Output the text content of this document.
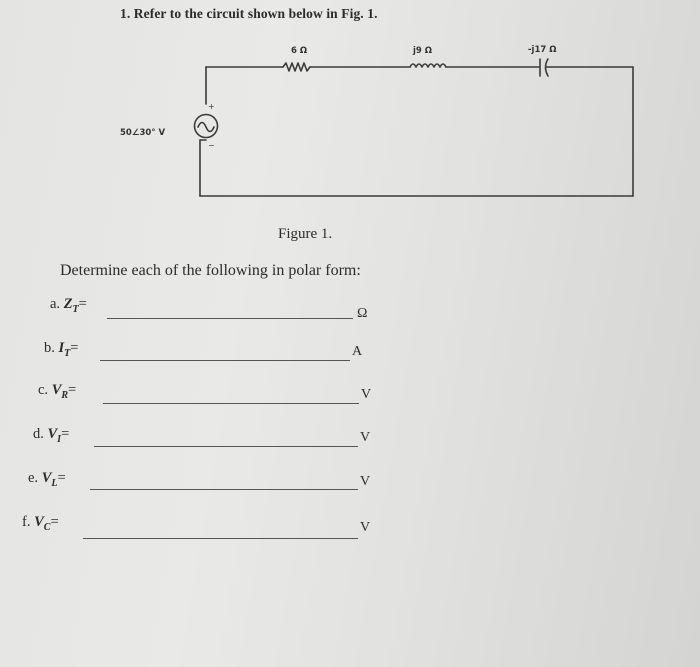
1. Refer to the circuit shown below in Fig. 1.
+
−
6 Ω	j9 Ω	-j17 Ω
50∠30° V
Figure 1.
Determine each of the following in polar form:
a. $Z_T=$
Ω
b. $I_T=$	A
c. $V_R=$	V
d. $V_I=$	V
e. $V_L=$	V
f. $V_C=$	V
